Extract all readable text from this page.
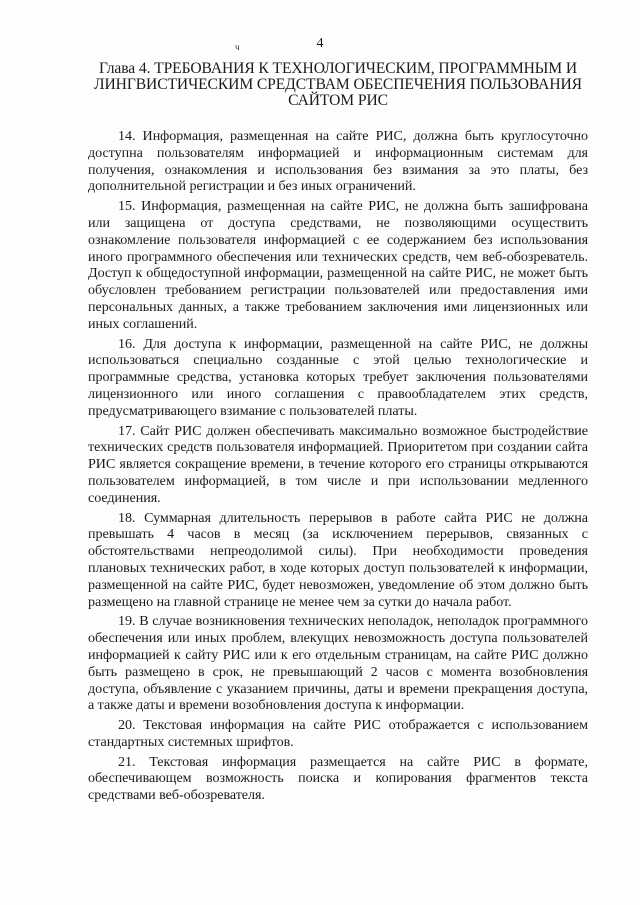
4
ч
Глава 4. ТРЕБОВАНИЯ К ТЕХНОЛОГИЧЕСКИМ, ПРОГРАММНЫМ И ЛИНГВИСТИЧЕСКИМ СРЕДСТВАМ ОБЕСПЕЧЕНИЯ ПОЛЬЗОВАНИЯ САЙТОМ РИС

14. Информация, размещенная на сайте РИС, должна быть круглосуточно доступна пользователям информацией и информационным системам для получения, ознакомления и использования без взимания за это платы, без дополнительной регистрации и без иных ограничений.

15. Информация, размещенная на сайте РИС, не должна быть зашифрована или защищена от доступа средствами, не позволяющими осуществить ознакомление пользователя информацией с ее содержанием без использования иного программного обеспечения или технических средств, чем веб-обозреватель. Доступ к общедоступной информации, размещенной на сайте РИС, не может быть обусловлен требованием регистрации пользователей или предоставления ими персональных данных, а также требованием заключения ими лицензионных или иных соглашений.

16. Для доступа к информации, размещенной на сайте РИС, не должны использоваться специально созданные с этой целью технологические и программные средства, установка которых требует заключения пользователями лицензионного или иного соглашения с правообладателем этих средств, предусматривающего взимание с пользователей платы.

17. Сайт РИС должен обеспечивать максимально возможное быстродействие технических средств пользователя информацией. Приоритетом при создании сайта РИС является сокращение времени, в течение которого его страницы открываются пользователем информацией, в том числе и при использовании медленного соединения.

18. Суммарная длительность перерывов в работе сайта РИС не должна превышать 4 часов в месяц (за исключением перерывов, связанных с обстоятельствами непреодолимой силы). При необходимости проведения плановых технических работ, в ходе которых доступ пользователей к информации, размещенной на сайте РИС, будет невозможен, уведомление об этом должно быть размещено на главной странице не менее чем за сутки до начала работ.

19. В случае возникновения технических неполадок, неполадок программного обеспечения или иных проблем, влекущих невозможность доступа пользователей информацией к сайту РИС или к его отдельным страницам, на сайте РИС должно быть размещено в срок, не превышающий 2 часов с момента возобновления доступа, объявление с указанием причины, даты и времени прекращения доступа, а также даты и времени возобновления доступа к информации.

20. Текстовая информация на сайте РИС отображается с использованием стандартных системных шрифтов.

21. Текстовая информация размещается на сайте РИС в формате, обеспечивающем возможность поиска и копирования фрагментов текста средствами веб-обозревателя.
